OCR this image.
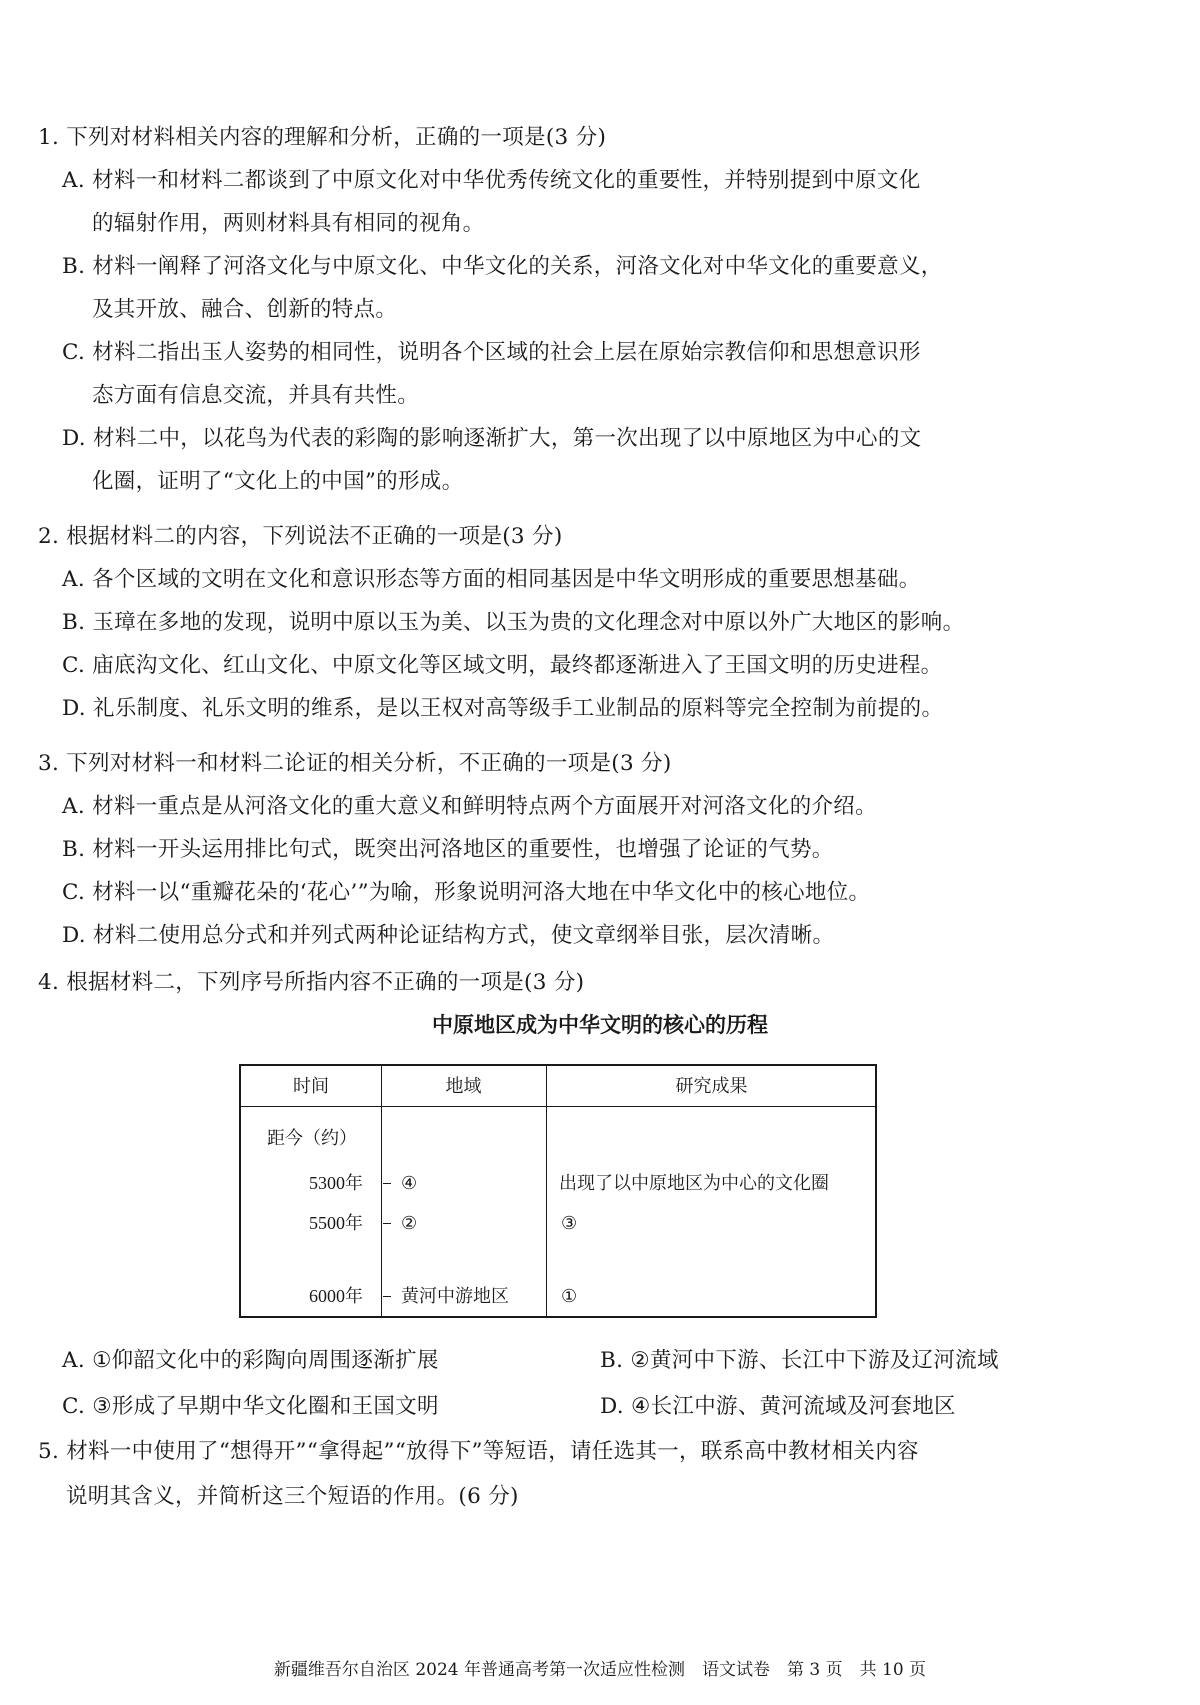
1. 下列对材料相关内容的理解和分析，正确的一项是(3 分)
A. 材料一和材料二都谈到了中原文化对中华优秀传统文化的重要性，并特别提到中原文化
的辐射作用，两则材料具有相同的视角。
B. 材料一阐释了河洛文化与中原文化、中华文化的关系，河洛文化对中华文化的重要意义，
及其开放、融合、创新的特点。
C. 材料二指出玉人姿势的相同性，说明各个区域的社会上层在原始宗教信仰和思想意识形
态方面有信息交流，并具有共性。
D. 材料二中，以花鸟为代表的彩陶的影响逐渐扩大，第一次出现了以中原地区为中心的文
化圈，证明了“文化上的中国”的形成。
2. 根据材料二的内容，下列说法不正确的一项是(3 分)
A. 各个区域的文明在文化和意识形态等方面的相同基因是中华文明形成的重要思想基础。
B. 玉璋在多地的发现，说明中原以玉为美、以玉为贵的文化理念对中原以外广大地区的影响。
C. 庙底沟文化、红山文化、中原文化等区域文明，最终都逐渐进入了王国文明的历史进程。
D. 礼乐制度、礼乐文明的维系，是以王权对高等级手工业制品的原料等完全控制为前提的。
3. 下列对材料一和材料二论证的相关分析，不正确的一项是(3 分)
A. 材料一重点是从河洛文化的重大意义和鲜明特点两个方面展开对河洛文化的介绍。
B. 材料一开头运用排比句式，既突出河洛地区的重要性，也增强了论证的气势。
C. 材料一以“重瓣花朵的‘花心’”为喻，形象说明河洛大地在中华文化中的核心地位。
D. 材料二使用总分式和并列式两种论证结构方式，使文章纲举目张，层次清晰。
4. 根据材料二，下列序号所指内容不正确的一项是(3 分)
中原地区成为中华文明的核心的历程
时间	地域	研究成果
距今（约）
5300年 ④	出现了以中原地区为中心的文化圈
5500年 ②	③
6000年 黄河中游地区	①
A. ①仰韶文化中的彩陶向周围逐渐扩展	B. ②黄河中下游、长江中下游及辽河流域
C. ③形成了早期中华文化圈和王国文明	D. ④长江中游、黄河流域及河套地区
5. 材料一中使用了“想得开”“拿得起”“放得下”等短语，请任选其一，联系高中教材相关内容
说明其含义，并简析这三个短语的作用。(6 分)
新疆维吾尔自治区 2024 年普通高考第一次适应性检测　语文试卷　第 3 页　共 10 页
